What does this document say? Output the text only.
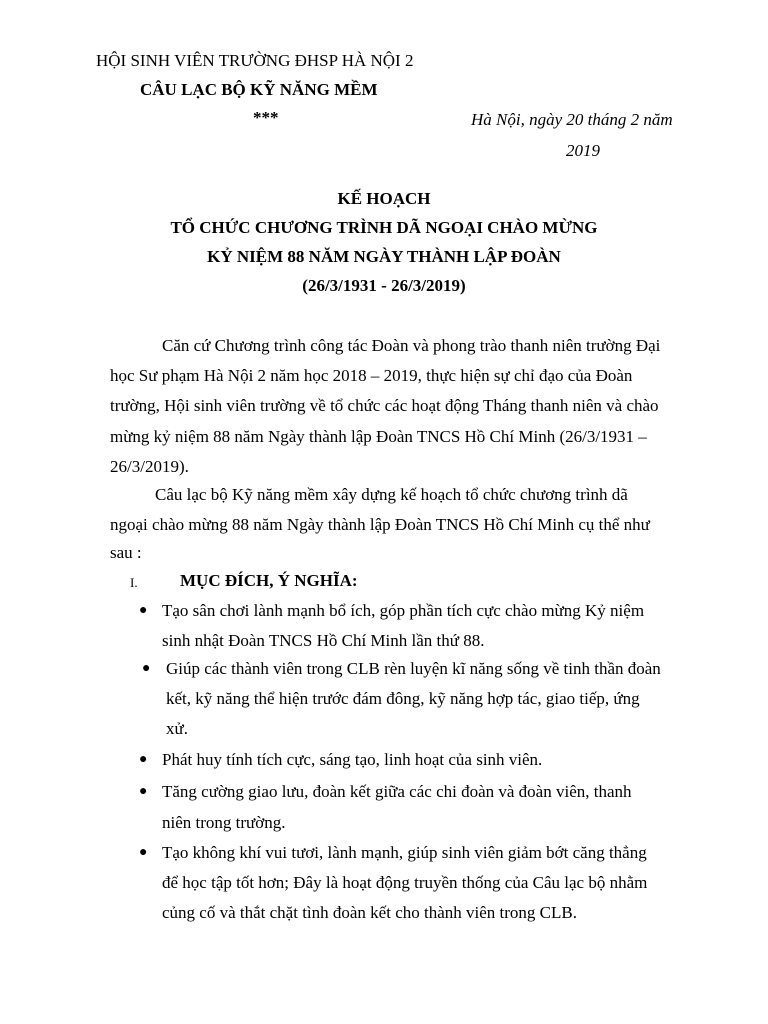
HỘI SINH VIÊN TRƯỜNG ĐHSP HÀ NỘI 2
CÂU LẠC BỘ KỸ NĂNG MỀM
***	Hà Nội, ngày 20 tháng 2 năm
2019
KẾ HOẠCH
TỔ CHỨC CHƯƠNG TRÌNH DÃ NGOẠI CHÀO MỪNG
KỶ NIỆM 88 NĂM NGÀY THÀNH LẬP ĐOÀN
(26/3/1931 - 26/3/2019)
Căn cứ Chương trình công tác Đoàn và phong trào thanh niên trường Đại
học Sư phạm Hà Nội 2 năm học 2018 – 2019, thực hiện sự chỉ đạo của Đoàn
trường, Hội sinh viên trường về tổ chức các hoạt động Tháng thanh niên và chào
mừng kỷ niệm 88 năm Ngày thành lập Đoàn TNCS Hồ Chí Minh (26/3/1931 –
26/3/2019).
Câu lạc bộ Kỹ năng mềm xây dựng kế hoạch tổ chức chương trình dã
ngoại chào mừng 88 năm Ngày thành lập Đoàn TNCS Hồ Chí Minh cụ thể như
sau :
I. MỤC ĐÍCH, Ý NGHĨA:
● Tạo sân chơi lành mạnh bổ ích, góp phần tích cực chào mừng Kỷ niệm
sinh nhật Đoàn TNCS Hồ Chí Minh lần thứ 88.
● Giúp các thành viên trong CLB rèn luyện kĩ năng sống về tinh thần đoàn
kết, kỹ năng thể hiện trước đám đông, kỹ năng hợp tác, giao tiếp, ứng
xử.
● Phát huy tính tích cực, sáng tạo, linh hoạt của sinh viên.
● Tăng cường giao lưu, đoàn kết giữa các chi đoàn và đoàn viên, thanh
niên trong trường.
● Tạo không khí vui tươi, lành mạnh, giúp sinh viên giảm bớt căng thẳng
để học tập tốt hơn; Đây là hoạt động truyền thống của Câu lạc bộ nhằm
củng cố và thắt chặt tình đoàn kết cho thành viên trong CLB.
